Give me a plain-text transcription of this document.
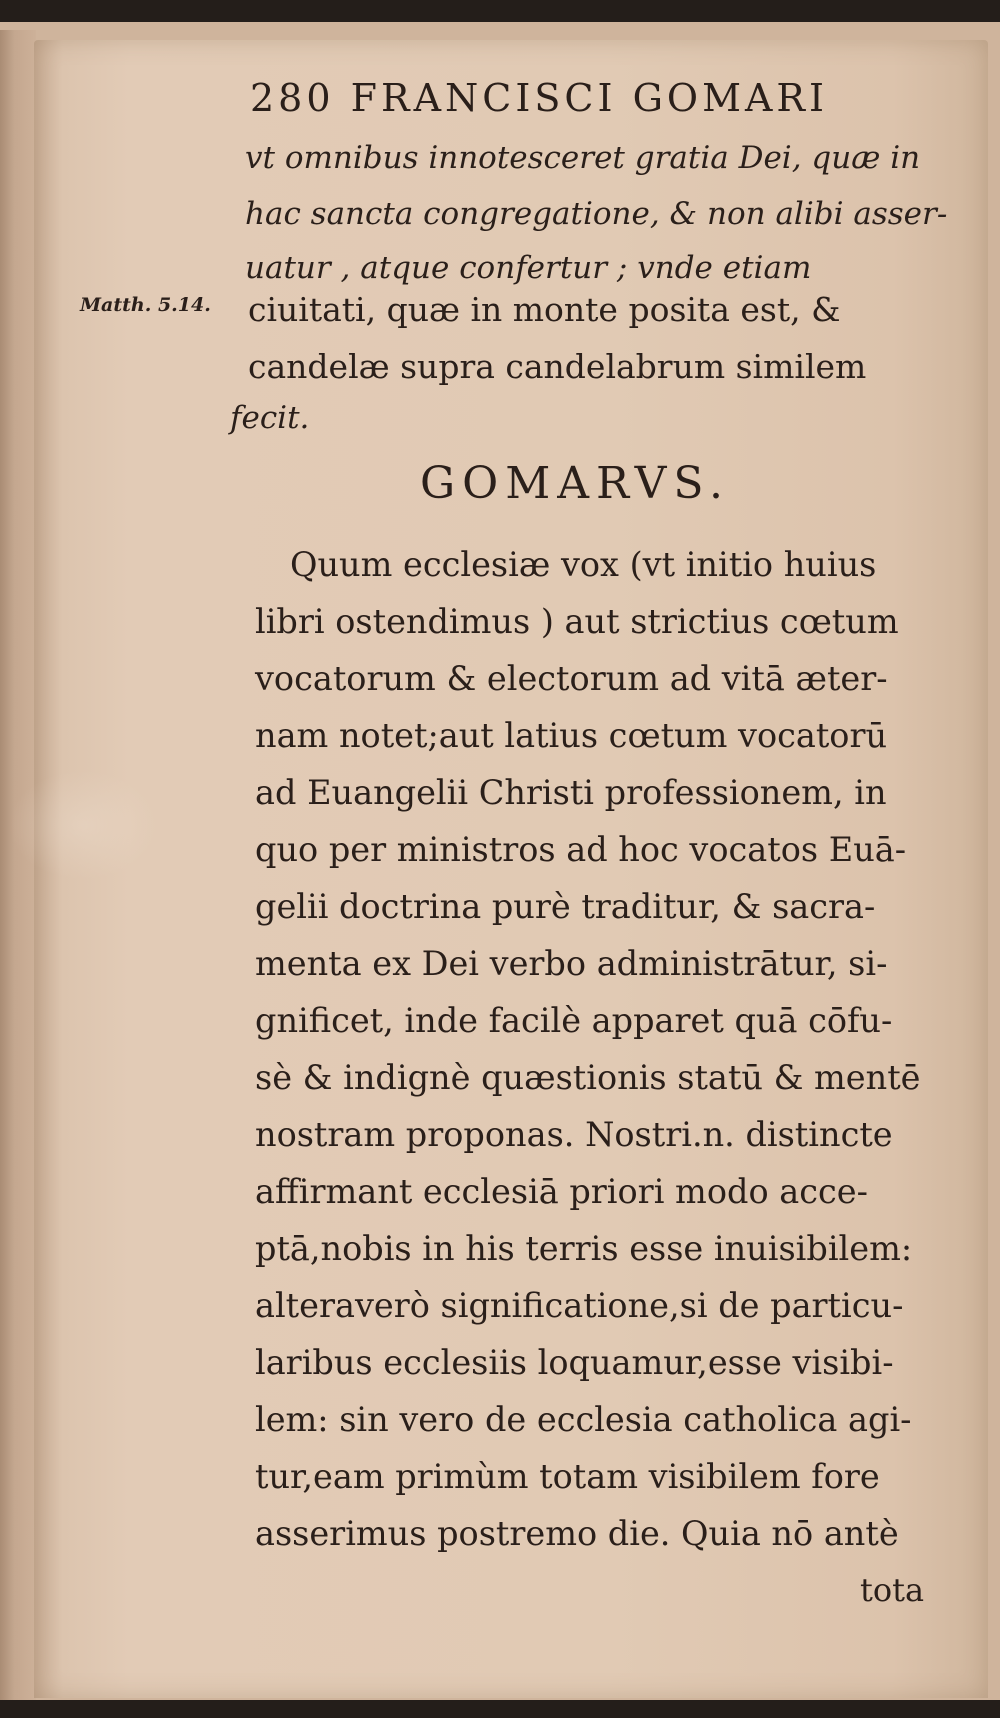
280 FRANCISCI GOMARI

vt omnibus innotesceret gratia Dei, quæ in

hac sancta congregatione, & non alibi asser-

uatur , atque confertur ; vnde etiam

Matth. 5.14. ciuitati, quæ in monte posita est, &

candelæ supra candelabrum similem

fecit.

GOMARVS.
Quum ecclesiæ vox (vt initio huius
libri ostendimus ) aut strictius cœtum
vocatorum & electorum ad vitā æter-
nam notet;aut latius cœtum vocatorū
ad Euangelii Christi professionem, in
quo per ministros ad hoc vocatos Euā-
gelii doctrina purè traditur, & sacra-
menta ex Dei verbo administrātur, si-
gnificet, inde facilè apparet quā cōfu-
sè & indignè quæstionis statū & mentē
nostram proponas. Nostri.n. distincte
affirmant ecclesiā priori modo acce-
ptā,nobis in his terris esse inuisibilem:
alteraverò significatione,si de particu-
laribus ecclesiis loquamur,esse visibi-
lem: sin vero de ecclesia catholica agi-
tur,eam primùm totam visibilem fore
asserimus postremo die. Quia nō antè
tota
